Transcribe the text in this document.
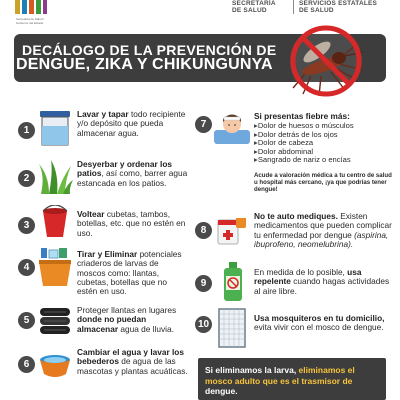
Secretaría de Salud / Gobierno del Estado
SECRETARÍA
DE SALUD
SERVICIOS ESTATALES
DE SALUD
DECÁLOGO DE LA PREVENCIÓN DE
DENGUE, ZIKA Y CHIKUNGUNYA
1
Lavar y tapar todo recipiente y/o depósito que pueda almacenar agua.
2
Desyerbar y ordenar los patios, así como, barrer agua estancada en los patios.
3
Voltear cubetas, tambos, botellas, etc. que no estén en uso.
4
Tirar y Eliminar potenciales criaderos de larvas de moscos como: llantas, cubetas, botellas que no estén en uso.
5
Proteger llantas en lugares donde no puedan almacenar agua de lluvia.
6
Cambiar el agua y lavar los bebederos de agua de las mascotas y plantas acuáticas.
7
Si presentas fiebre más:
▸ Dolor de huesos o músculos
▸ Dolor detrás de los ojos
▸ Dolor de cabeza
▸ Dolor abdominal
▸ Sangrado de nariz o encías
Acude a valoración médica a tu centro de salud u hospital más cercano, ¡ya que podrías tener dengue!
8
No te auto mediques. Existen medicamentos que pueden complicar tu enfermedad por dengue (aspirina, ibuprofeno, neomelubrina).
9
En medida de lo posible, usa repelente cuando hagas actividades al aire libre.
10
Usa mosquiteros en tu domicilio, evita vivir con el mosco de dengue.
Si eliminamos la larva, eliminamos el mosco adulto que es el trasmisor de dengue.
